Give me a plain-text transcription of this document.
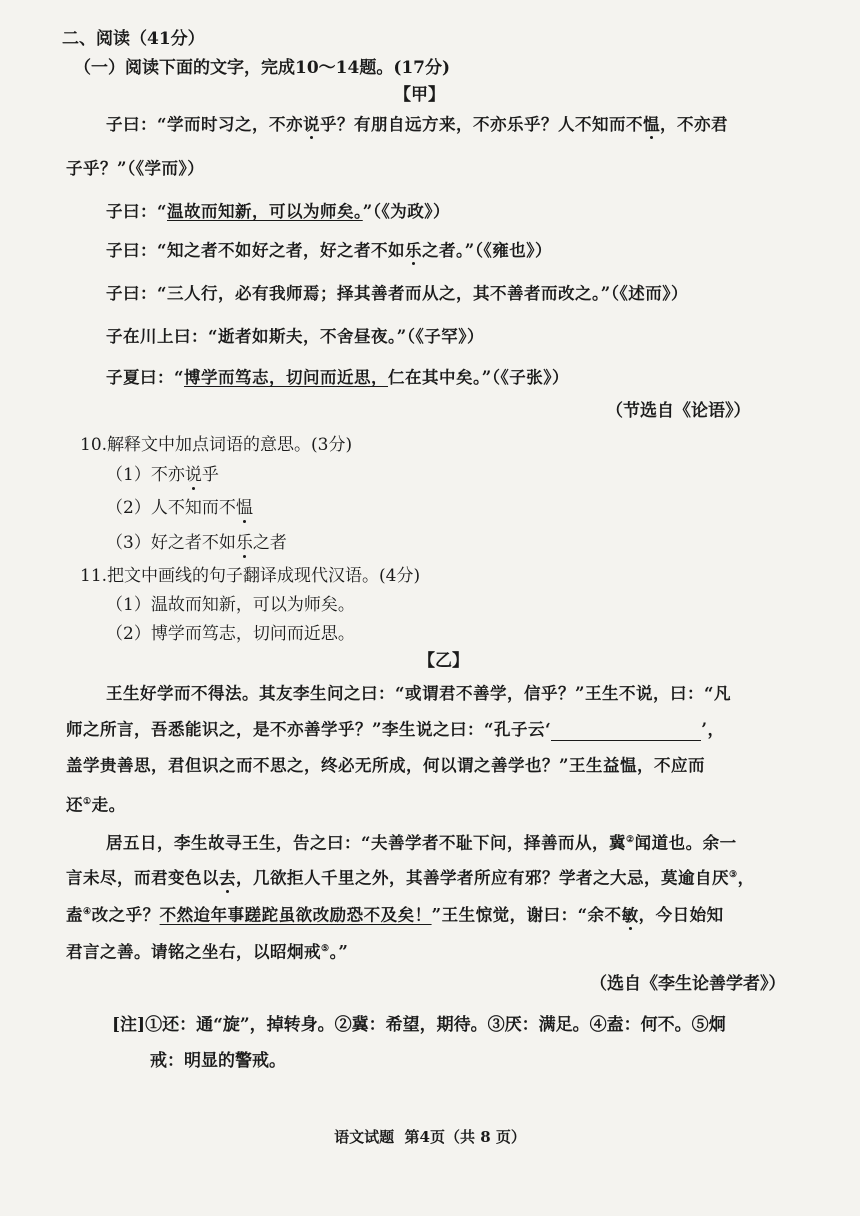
二、阅读（41分）
（一）阅读下面的文字，完成10～14题。(17分)
【甲】
子曰：“学而时习之，不亦说乎？有朋自远方来，不亦乐乎？人不知而不愠，不亦君
子乎？”（《学而》）
子曰：“温故而知新，可以为师矣。”（《为政》）
子曰：“知之者不如好之者，好之者不如乐之者。”（《雍也》）
子曰：“三人行，必有我师焉；择其善者而从之，其不善者而改之。”（《述而》）
子在川上曰：“逝者如斯夫，不舍昼夜。”（《子罕》）
子夏曰：“博学而笃志，切问而近思，仁在其中矣。”（《子张》）
（节选自《论语》）
10.解释文中加点词语的意思。(3分)
（1）不亦说乎
（2）人不知而不愠
（3）好之者不如乐之者
11.把文中画线的句子翻译成现代汉语。(4分)
（1）温故而知新，可以为师矣。
（2）博学而笃志，切问而近思。
【乙】
王生好学而不得法。其友李生问之曰：“或谓君不善学，信乎？”王生不说，曰：“凡
师之所言，吾悉能识之，是不亦善学乎？”李生说之曰：“孔子云‘	’，
盖学贵善思，君但识之而不思之，终必无所成，何以谓之善学也？”王生益愠，不应而
还①走。
居五日，李生故寻王生，告之曰：“夫善学者不耻下问，择善而从，冀②闻道也。余一
言未尽，而君变色以去，几欲拒人千里之外，其善学者所应有邪？学者之大忌，莫逾自厌③，
盍④改之乎？不然迨年事蹉跎虽欲改励恐不及矣！”王生惊觉，谢曰：“余不敏，今日始知
君言之善。请铭之坐右，以昭炯戒⑤。”
（选自《李生论善学者》）
[注]①还：通“旋”，掉转身。②冀：希望，期待。③厌：满足。④盍：何不。⑤炯
戒：明显的警戒。
语文试题  第4页（共 8 页）
